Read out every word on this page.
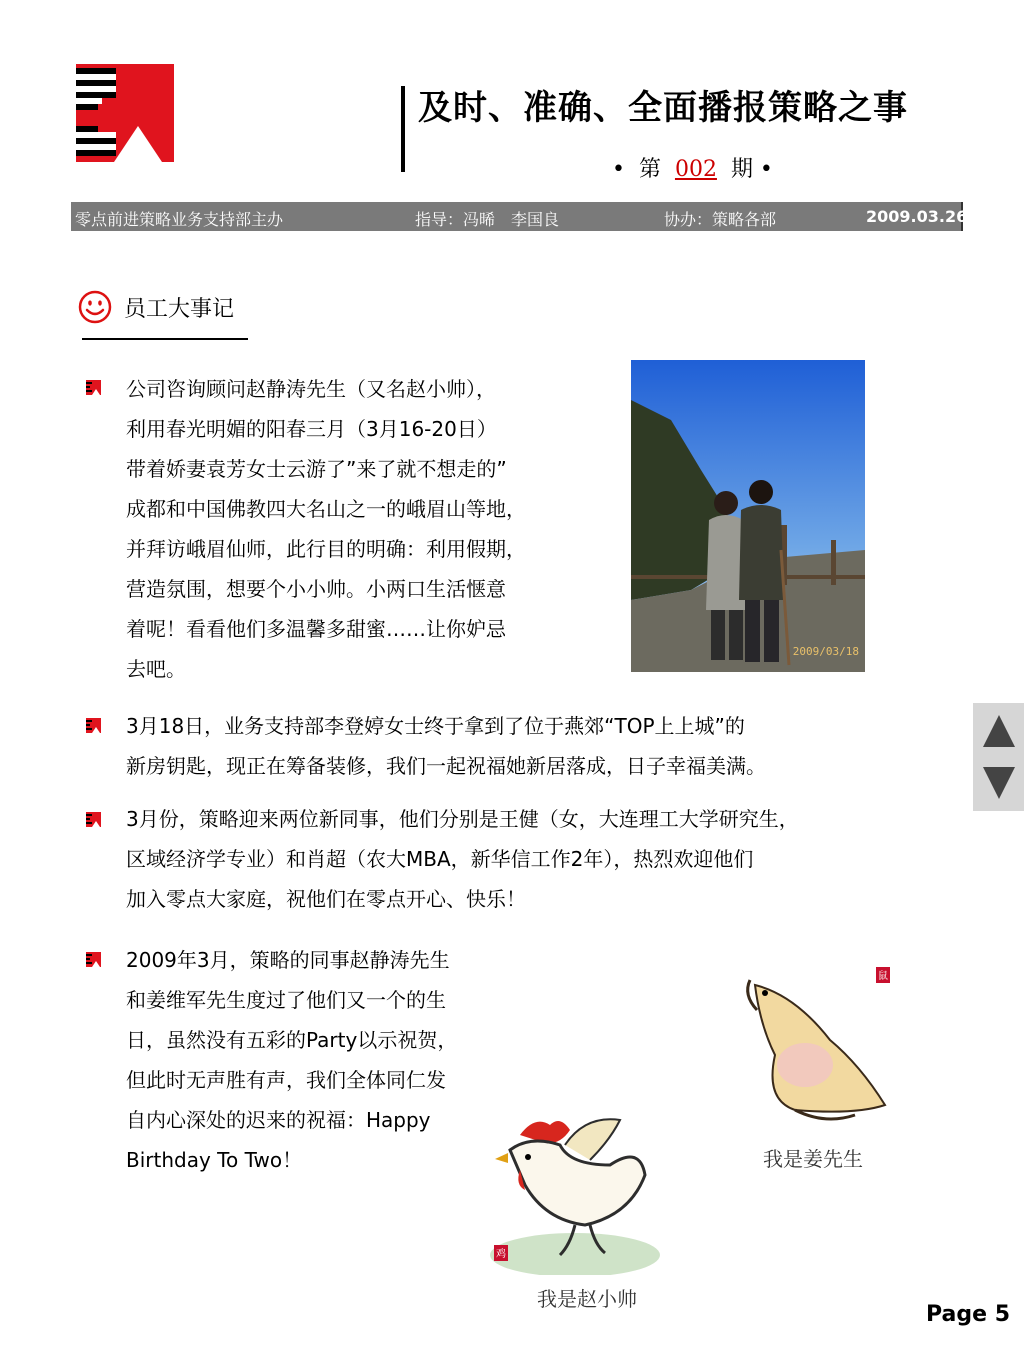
及时、准确、全面播报策略之事
•  第  002  期 •
零点前进策略业务支持部主办	指导：冯晞　李国良	协办：策略各部	2009.03.26
员工大事记
公司咨询顾问赵静涛先生（又名赵小帅），
利用春光明媚的阳春三月（3月16-20日）
带着娇妻袁芳女士云游了”来了就不想走的”
成都和中国佛教四大名山之一的峨眉山等地，
并拜访峨眉仙师，此行目的明确：利用假期，
营造氛围，想要个小小帅。小两口生活惬意
着呢！看看他们多温馨多甜蜜……让你妒忌
去吧。
2009/03/18
3月18日，业务支持部李登婷女士终于拿到了位于燕郊“TOP上上城”的
新房钥匙，现正在筹备装修，我们一起祝福她新居落成，日子幸福美满。
3月份，策略迎来两位新同事，他们分别是王健（女，大连理工大学研究生，
区域经济学专业）和肖超（农大MBA，新华信工作2年），热烈欢迎他们
加入零点大家庭，祝他们在零点开心、快乐！
2009年3月，策略的同事赵静涛先生
和姜维军先生度过了他们又一个的生
日，虽然没有五彩的Party以示祝贺，
但此时无声胜有声，我们全体同仁发
自内心深处的迟来的祝福：Happy
Birthday To Two！
鼠
我是姜先生
鸡
我是赵小帅
Page 5
